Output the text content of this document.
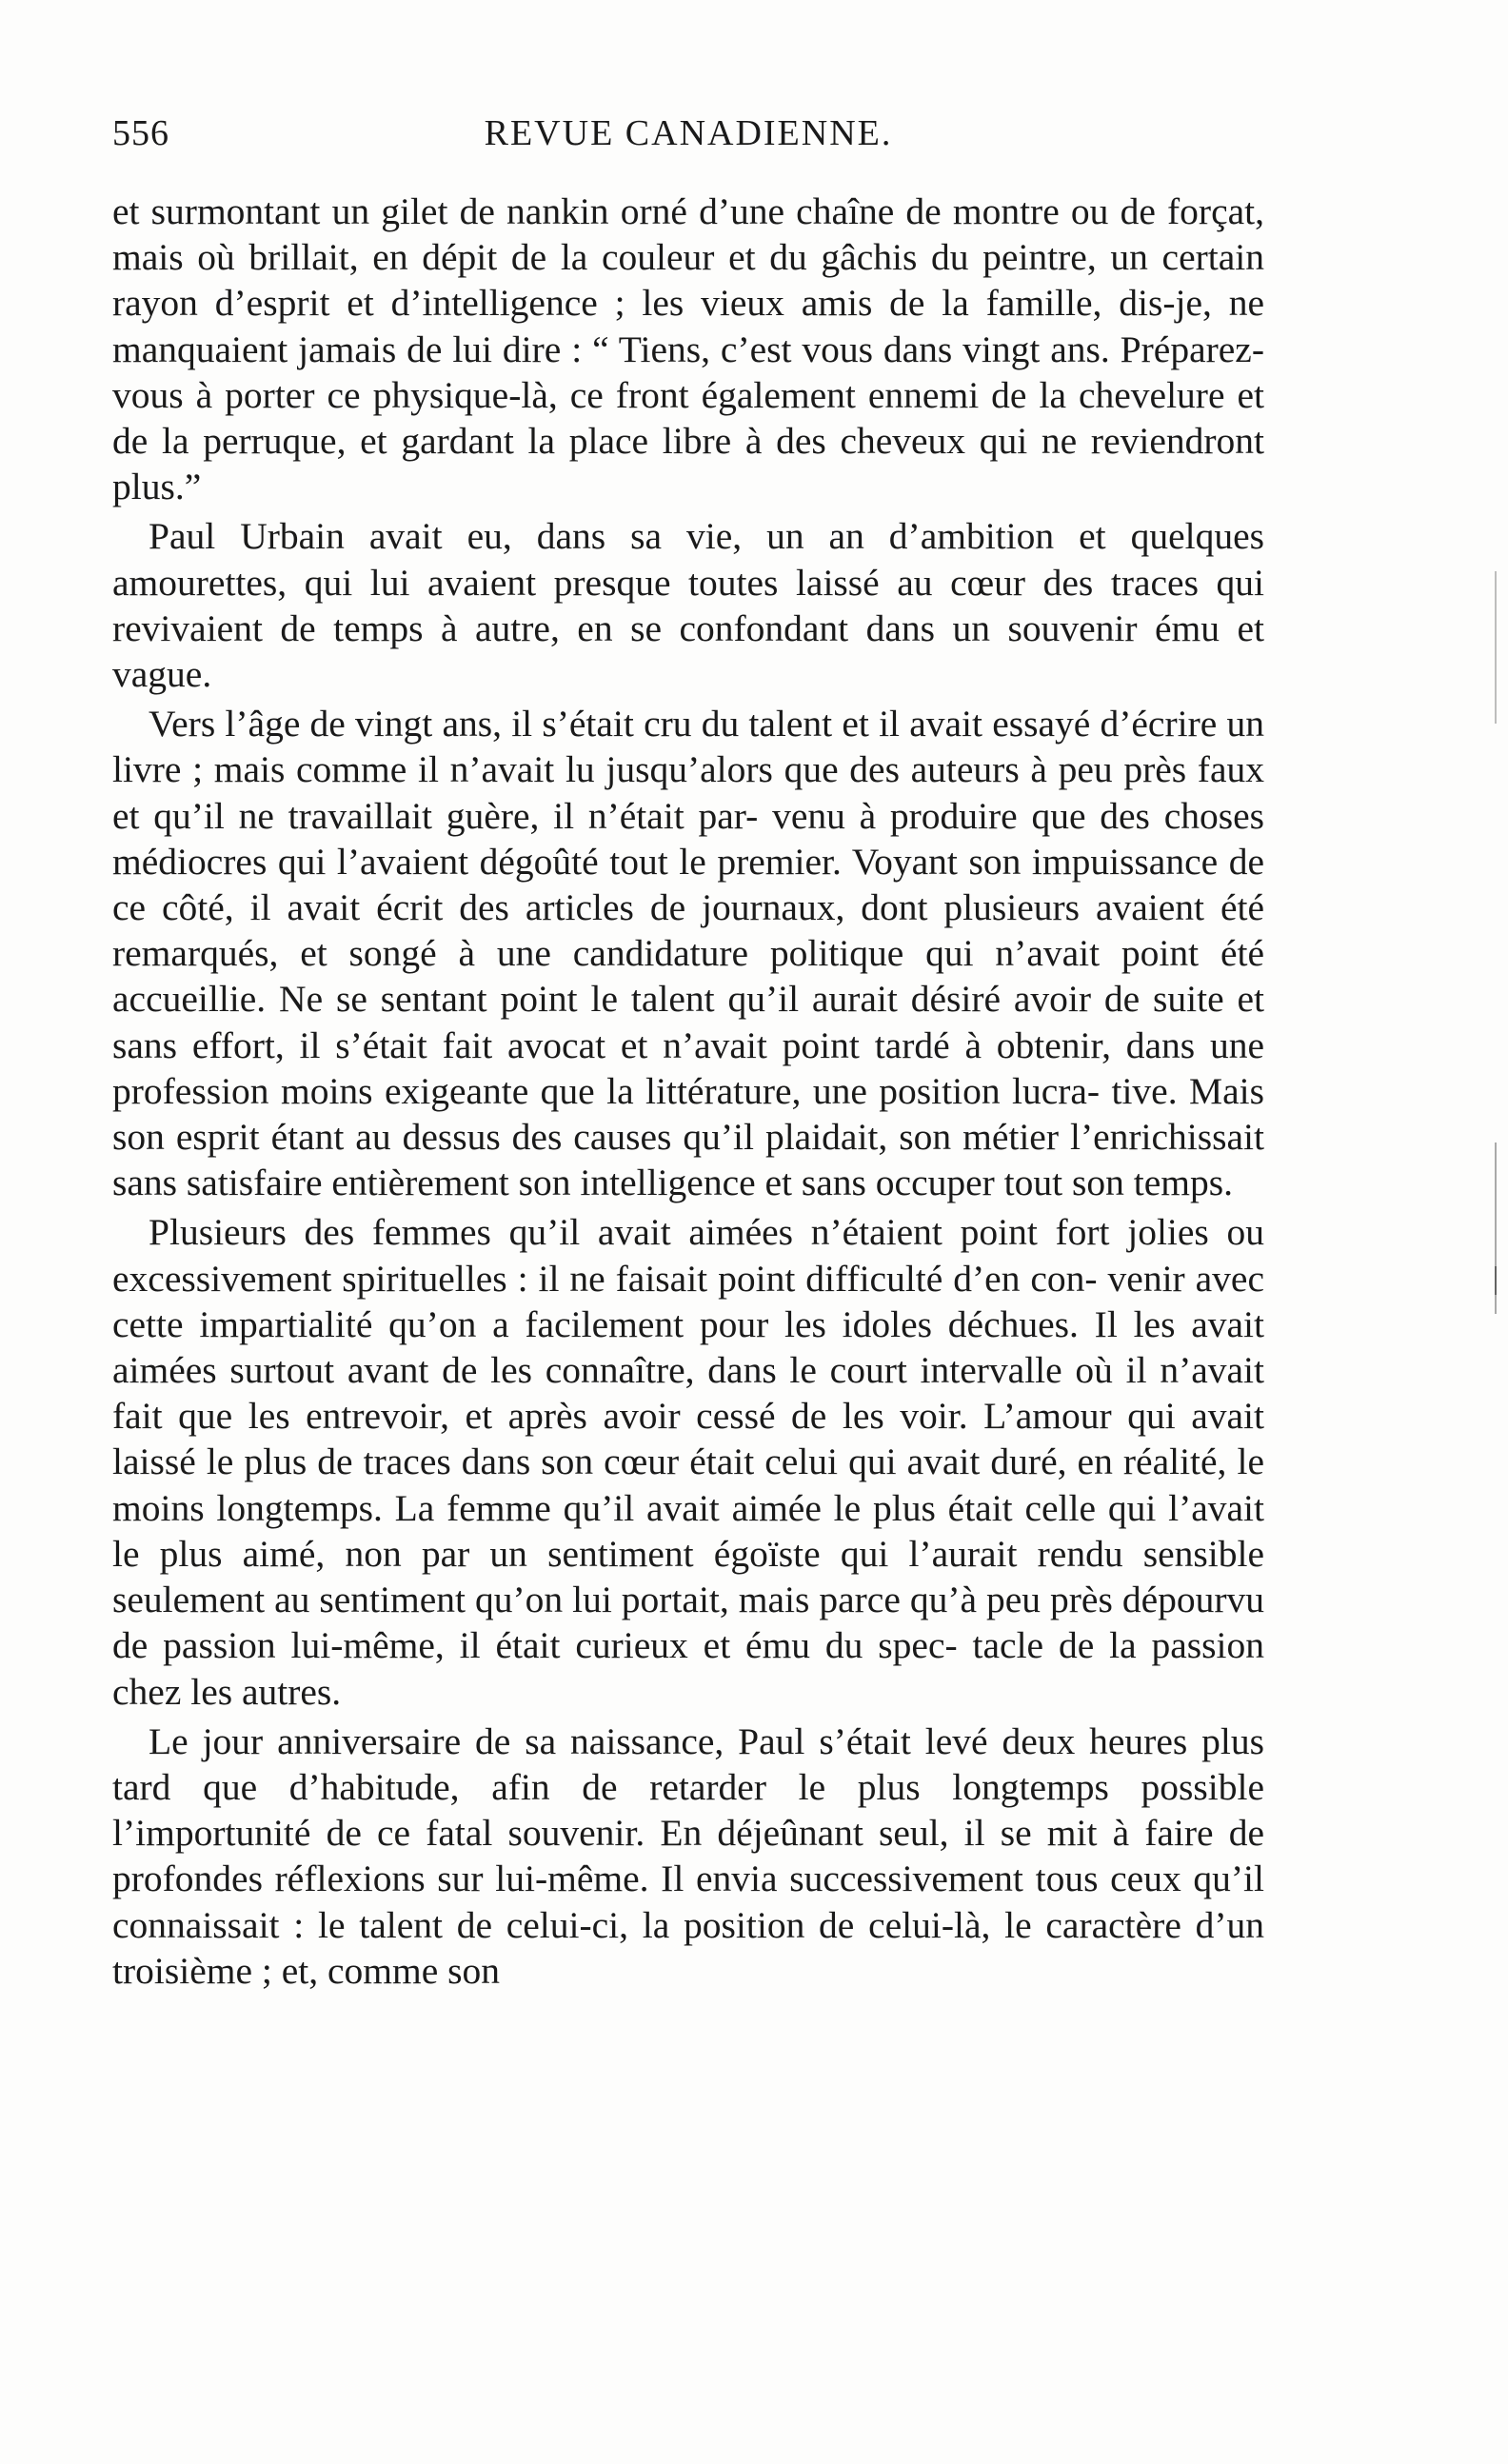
556	REVUE CANADIENNE.

et surmontant un gilet de nankin orné d’une chaîne de montre ou de forçat, mais où brillait, en dépit de la couleur et du gâchis du peintre, un certain rayon d’esprit et d’intelligence ; les vieux amis de la famille, dis-je, ne manquaient jamais de lui dire : “ Tiens, c’est vous dans vingt ans. Préparez-vous à porter ce physique-là, ce front également ennemi de la chevelure et de la perruque, et gardant la place libre à des cheveux qui ne reviendront plus.”

Paul Urbain avait eu, dans sa vie, un an d’ambition et quelques amourettes, qui lui avaient presque toutes laissé au cœur des traces qui revivaient de temps à autre, en se confondant dans un souvenir ému et vague.

Vers l’âge de vingt ans, il s’était cru du talent et il avait essayé d’écrire un livre ; mais comme il n’avait lu jusqu’alors que des auteurs à peu près faux et qu’il ne travaillait guère, il n’était par- venu à produire que des choses médiocres qui l’avaient dégoûté tout le premier. Voyant son impuissance de ce côté, il avait écrit des articles de journaux, dont plusieurs avaient été remarqués, et songé à une candidature politique qui n’avait point été accueillie. Ne se sentant point le talent qu’il aurait désiré avoir de suite et sans effort, il s’était fait avocat et n’avait point tardé à obtenir, dans une profession moins exigeante que la littérature, une position lucra- tive. Mais son esprit étant au dessus des causes qu’il plaidait, son métier l’enrichissait sans satisfaire entièrement son intelligence et sans occuper tout son temps.

Plusieurs des femmes qu’il avait aimées n’étaient point fort jolies ou excessivement spirituelles : il ne faisait point difficulté d’en con- venir avec cette impartialité qu’on a facilement pour les idoles déchues. Il les avait aimées surtout avant de les connaître, dans le court intervalle où il n’avait fait que les entrevoir, et après avoir cessé de les voir. L’amour qui avait laissé le plus de traces dans son cœur était celui qui avait duré, en réalité, le moins longtemps. La femme qu’il avait aimée le plus était celle qui l’avait le plus aimé, non par un sentiment égoïste qui l’aurait rendu sensible seulement au sentiment qu’on lui portait, mais parce qu’à peu près dépourvu de passion lui-même, il était curieux et ému du spec- tacle de la passion chez les autres.

Le jour anniversaire de sa naissance, Paul s’était levé deux heures plus tard que d’habitude, afin de retarder le plus longtemps possible l’importunité de ce fatal souvenir. En déjeûnant seul, il se mit à faire de profondes réflexions sur lui-même. Il envia successivement tous ceux qu’il connaissait : le talent de celui-ci, la position de celui-là, le caractère d’un troisième ; et, comme son
